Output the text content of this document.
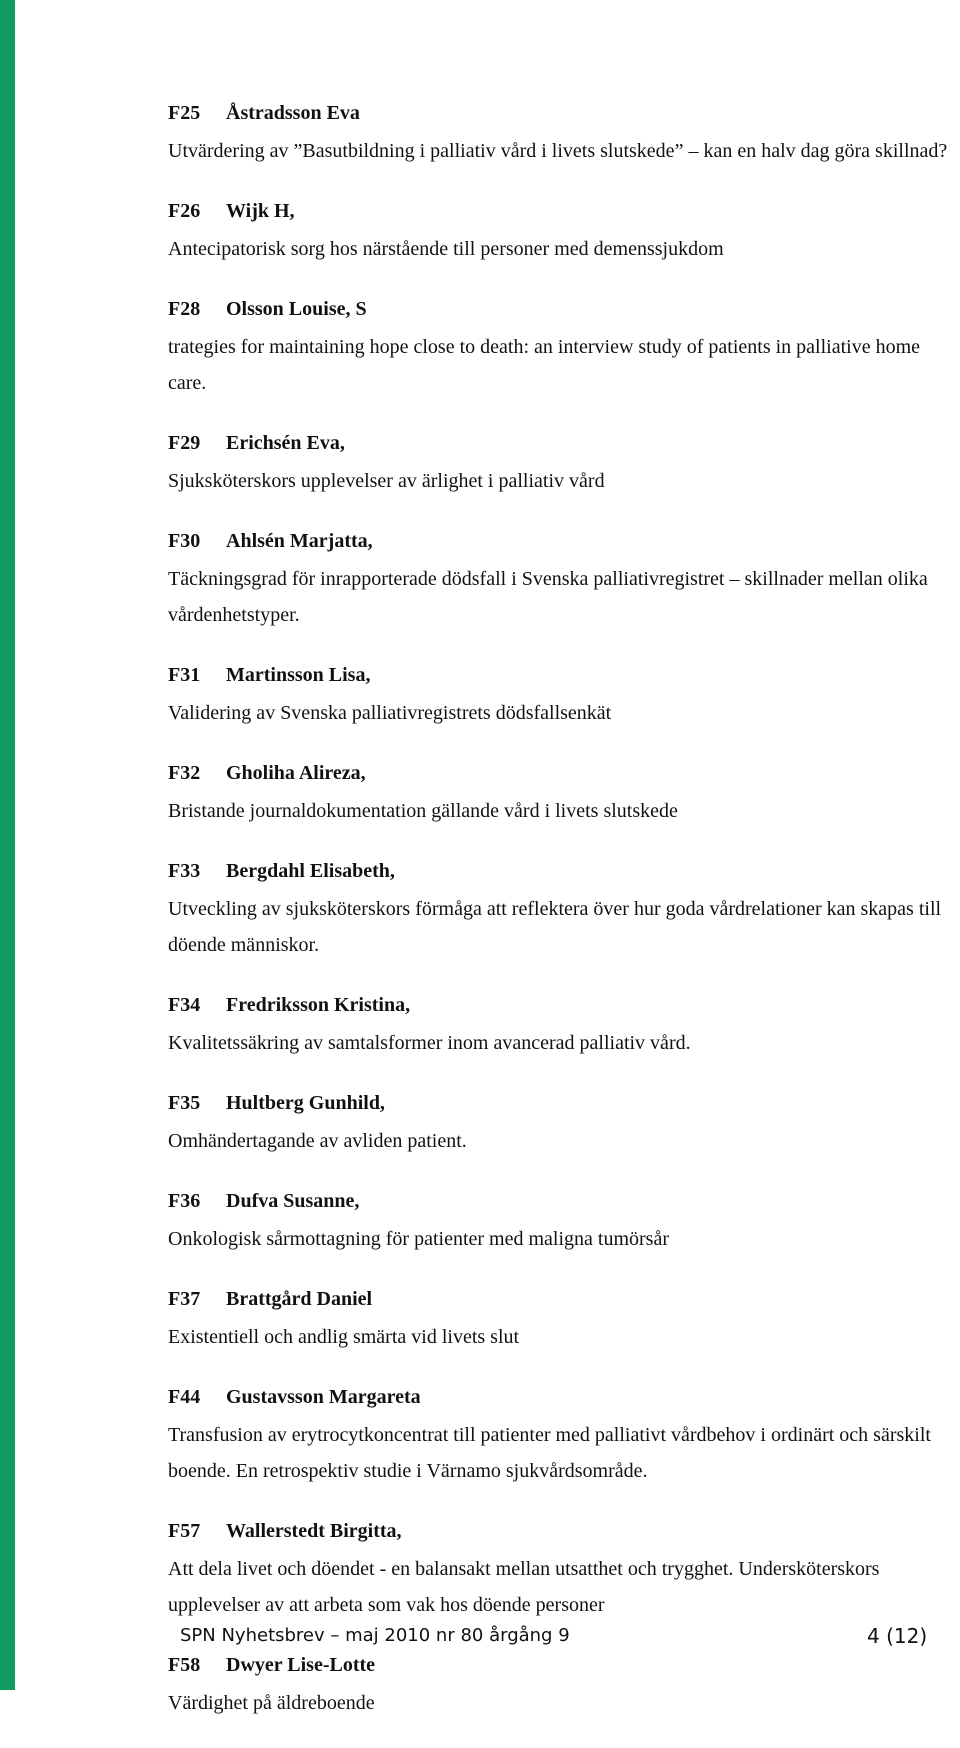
F25 Åstradsson Eva
Utvärdering av ”Basutbildning i palliativ vård i livets slutskede” – kan en halv dag göra skillnad?
F26 Wijk H,
Antecipatorisk sorg hos närstående till personer med demenssjukdom
F28 Olsson Louise, S
trategies for maintaining hope close to death: an interview study of patients in palliative home care.
F29 Erichsén Eva,
Sjuksköterskors upplevelser av ärlighet i palliativ vård
F30 Ahlsén Marjatta,
Täckningsgrad för inrapporterade dödsfall i Svenska palliativregistret – skillnader mellan olika vårdenhetstyper.
F31 Martinsson Lisa,
Validering av Svenska palliativregistrets dödsfallsenkät
F32 Gholiha Alireza,
Bristande journaldokumentation gällande vård i livets slutskede
F33 Bergdahl Elisabeth,
Utveckling av sjuksköterskors förmåga att reflektera över hur goda vårdrelationer kan skapas till döende människor.
F34 Fredriksson Kristina,
Kvalitetssäkring av samtalsformer inom avancerad palliativ vård.
F35 Hultberg Gunhild,
Omhändertagande av avliden patient.
F36 Dufva Susanne,
Onkologisk sårmottagning för patienter med maligna tumörsår
F37 Brattgård Daniel
Existentiell och andlig smärta vid livets slut
F44 Gustavsson Margareta
Transfusion av erytrocytkoncentrat till patienter med palliativt vårdbehov i ordinärt och särskilt boende. En retrospektiv studie i Värnamo sjukvårdsområde.
F57 Wallerstedt Birgitta,
Att dela livet och döendet - en balansakt mellan utsatthet och trygghet. Undersköterskors upplevelser av att arbeta som vak hos döende personer
F58 Dwyer Lise-Lotte
Värdighet på äldreboende
SPN Nyhetsbrev – maj 2010 nr 80 årgång 9	4 (12)
